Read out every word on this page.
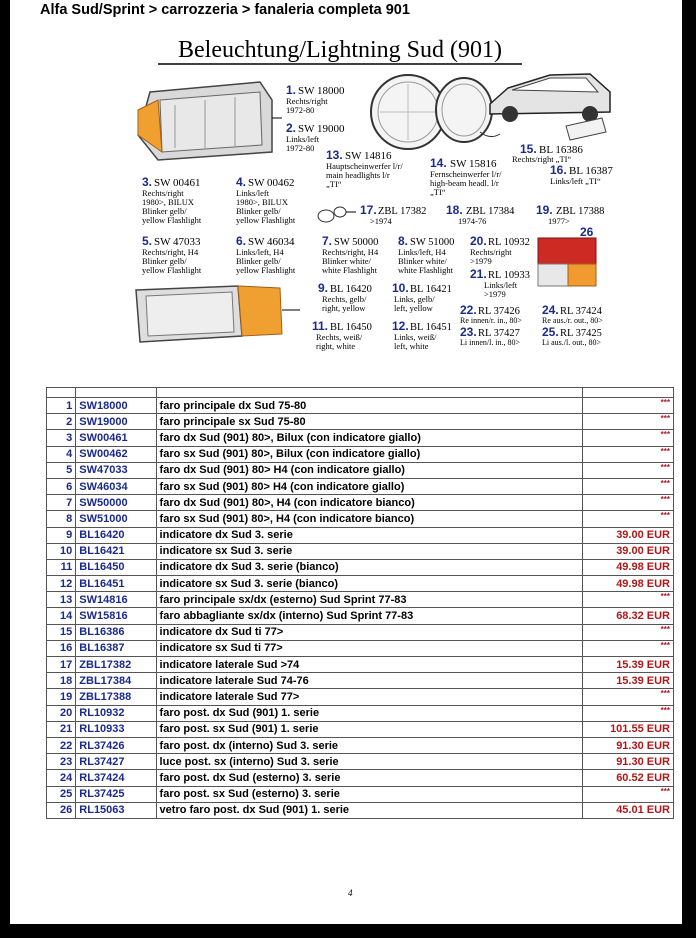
Alfa Sud/Sprint > carrozzeria > fanaleria completa 901
Beleuchtung/Lightning Sud (901)
1. SW 18000
Rechts/right
1972-80
2. SW 19000
Links/left
1972-80 13. SW 14816
Hauptscheinwerfer l/r/
main headlights l/r
„TI“
14. SW 15816
Fernscheinwerfer l/r/
high-beam headl. l/r
„TI“
15. BL 16386
Rechts/right „TI“
16. BL 16387
Links/left „TI“
3. SW 00461
Rechts/right
1980>, BILUX
Blinker gelb/
yellow Flashlight
4. SW 00462
Links/left
1980>, BILUX
Blinker gelb/
yellow Flashlight
17. ZBL 17382
>1974
18. ZBL 17384
1974-76
19. ZBL 17388
1977>
26
5. SW 47033
Rechts/right, H4
Blinker gelb/
yellow Flashlight
6. SW 46034
Links/left, H4
Blinker gelb/
yellow Flashlight
7. SW 50000
Rechts/right, H4
Blinker white/
white Flashlight
8. SW 51000
Links/left, H4
Blinker white/
white Flashlight
20. RL 10932
Rechts/right
>1979
21. RL 10933
Links/left
>1979
9. BL 16420
Rechts, gelb/
right, yellow
10. BL 16421
Links, gelb/
left, yellow 22. RL 37426
Re innen/r. in., 80>
24. RL 37424
Re aus./r. out., 80>
11. BL 16450
Rechts, weiß/
right, white
12. BL 16451
Links, weiß/
left, white
23. RL 37427
Li innen/l. in., 80>
25. RL 37425
Li aus./l. out., 80>

1	SW18000	faro principale dx Sud 75-80	***
2	SW19000	faro principale sx Sud 75-80	***
3	SW00461	faro dx Sud (901) 80>, Bilux (con indicatore giallo)	***
4	SW00462	faro sx Sud (901) 80>, Bilux (con indicatore giallo)	***
5	SW47033	faro dx Sud (901) 80> H4 (con indicatore giallo)	***
6	SW46034	faro sx Sud (901) 80> H4 (con indicatore giallo)	***
7	SW50000	faro dx Sud (901) 80>, H4 (con indicatore bianco)	***
8	SW51000	faro sx Sud (901) 80>, H4 (con indicatore bianco)	***
9	BL16420	indicatore dx Sud 3. serie	39.00 EUR
10	BL16421	indicatore sx Sud 3. serie	39.00 EUR
11	BL16450	indicatore dx Sud 3. serie (bianco)	49.98 EUR
12	BL16451	indicatore sx Sud 3. serie (bianco)	49.98 EUR
13	SW14816	faro principale sx/dx (esterno) Sud Sprint 77-83	***
14	SW15816	faro abbagliante sx/dx (interno) Sud Sprint 77-83	68.32 EUR
15	BL16386	indicatore dx Sud ti 77>	***
16	BL16387	indicatore sx Sud ti 77>	***
17	ZBL17382	indicatore laterale Sud >74	15.39 EUR
18	ZBL17384	indicatore laterale Sud 74-76	15.39 EUR
19	ZBL17388	indicatore laterale Sud 77>	***
20	RL10932	faro post. dx Sud (901) 1. serie	***
21	RL10933	faro post. sx Sud (901) 1. serie	101.55 EUR
22	RL37426	faro post. dx (interno) Sud 3. serie	91.30 EUR
23	RL37427	luce post. sx (interno) Sud 3. serie	91.30 EUR
24	RL37424	faro post. dx Sud (esterno) 3. serie	60.52 EUR
25	RL37425	faro post. sx Sud (esterno) 3. serie	***
26	RL15063	vetro faro post. dx Sud (901) 1. serie	45.01 EUR
4
